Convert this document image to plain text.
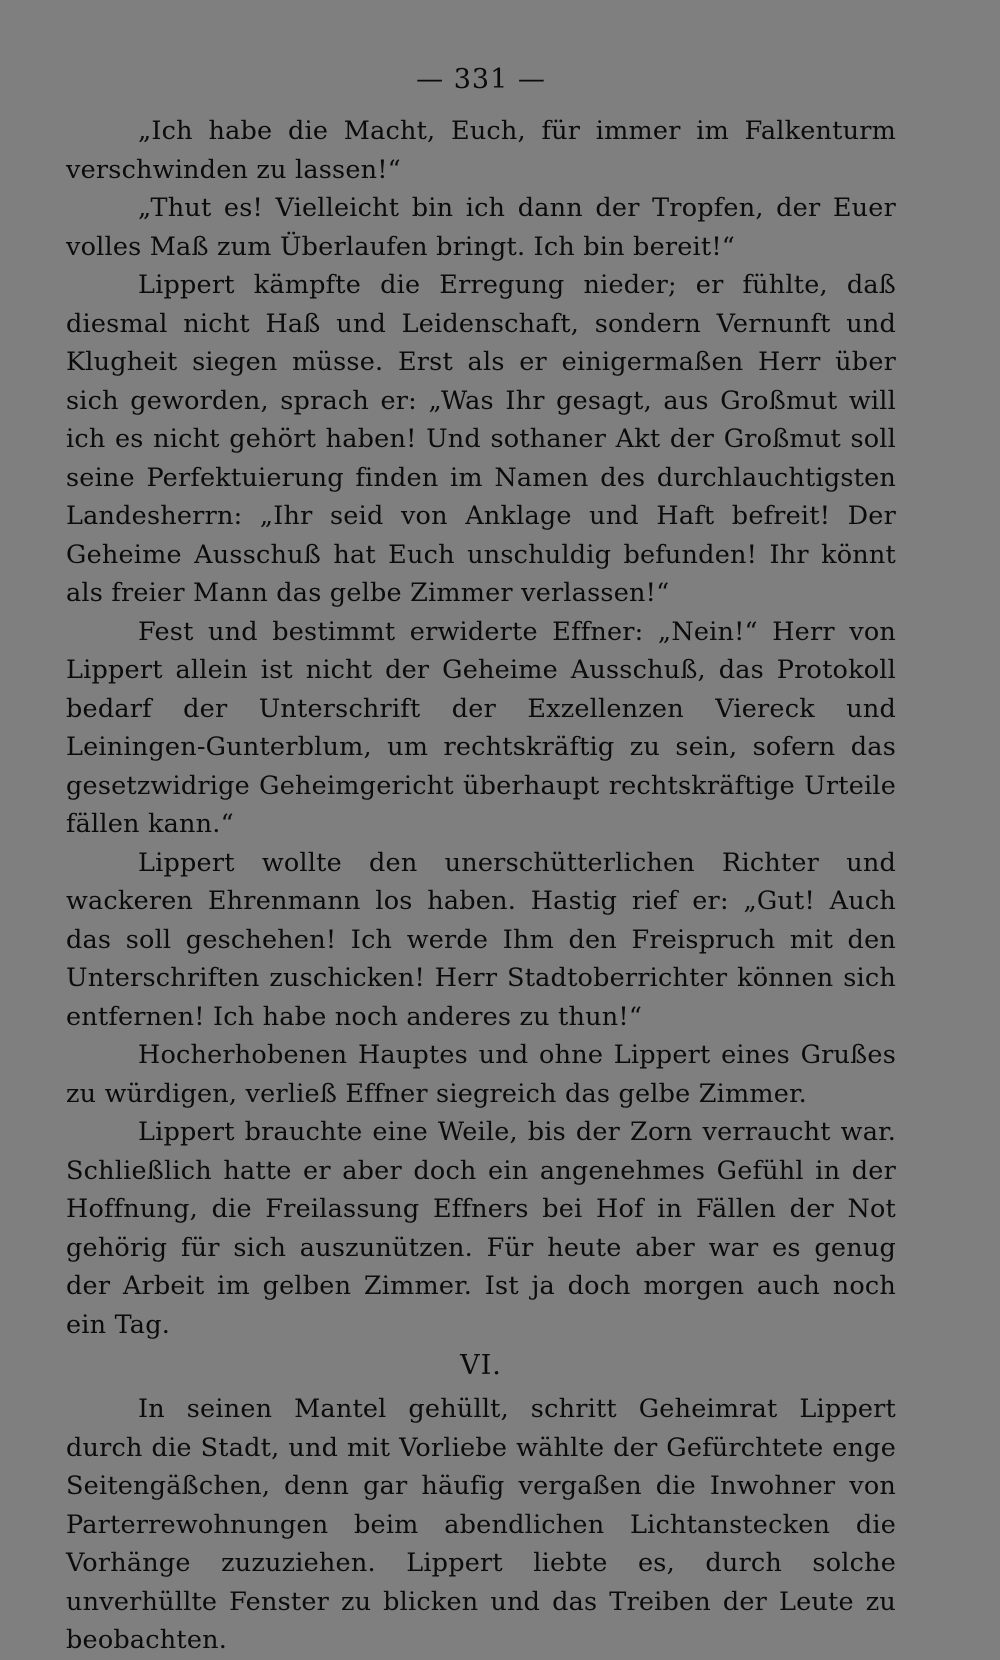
— 331 —

„Ich habe die Macht, Euch, für immer im Falkenturm verschwinden zu lassen!“

„Thut es! Vielleicht bin ich dann der Tropfen, der Euer volles Maß zum Überlaufen bringt. Ich bin bereit!“

Lippert kämpfte die Erregung nieder; er fühlte, daß diesmal nicht Haß und Leidenschaft, sondern Vernunft und Klugheit siegen müsse. Erst als er einigermaßen Herr über sich geworden, sprach er: „Was Ihr gesagt, aus Großmut will ich es nicht gehört haben! Und sothaner Akt der Großmut soll seine Perfektuierung finden im Namen des durchlauchtigsten Landesherrn: „Ihr seid von Anklage und Haft befreit! Der Geheime Ausschuß hat Euch unschuldig befunden! Ihr könnt als freier Mann das gelbe Zimmer verlassen!“

Fest und bestimmt erwiderte Effner: „Nein!“ Herr von Lippert allein ist nicht der Geheime Ausschuß, das Protokoll bedarf der Unterschrift der Exzellenzen Viereck und Leiningen-Gunterblum, um rechtskräftig zu sein, sofern das gesetzwidrige Geheimgericht überhaupt rechtskräftige Urteile fällen kann.“

Lippert wollte den unerschütterlichen Richter und wackeren Ehrenmann los haben. Hastig rief er: „Gut! Auch das soll geschehen! Ich werde Ihm den Freispruch mit den Unterschriften zuschicken! Herr Stadtoberrichter können sich entfernen! Ich habe noch anderes zu thun!“

Hocherhobenen Hauptes und ohne Lippert eines Grußes zu würdigen, verließ Effner siegreich das gelbe Zimmer.

Lippert brauchte eine Weile, bis der Zorn verraucht war. Schließlich hatte er aber doch ein angenehmes Gefühl in der Hoffnung, die Freilassung Effners bei Hof in Fällen der Not gehörig für sich auszunützen. Für heute aber war es genug der Arbeit im gelben Zimmer. Ist ja doch morgen auch noch ein Tag.

VI.

In seinen Mantel gehüllt, schritt Geheimrat Lippert durch die Stadt, und mit Vorliebe wählte der Gefürchtete enge Seitengäßchen, denn gar häufig vergaßen die Inwohner von Parterrewohnungen beim abendlichen Lichtanstecken die Vorhänge zuzuziehen. Lippert liebte es, durch solche unverhüllte Fenster zu blicken und das Treiben der Leute zu beobachten.
